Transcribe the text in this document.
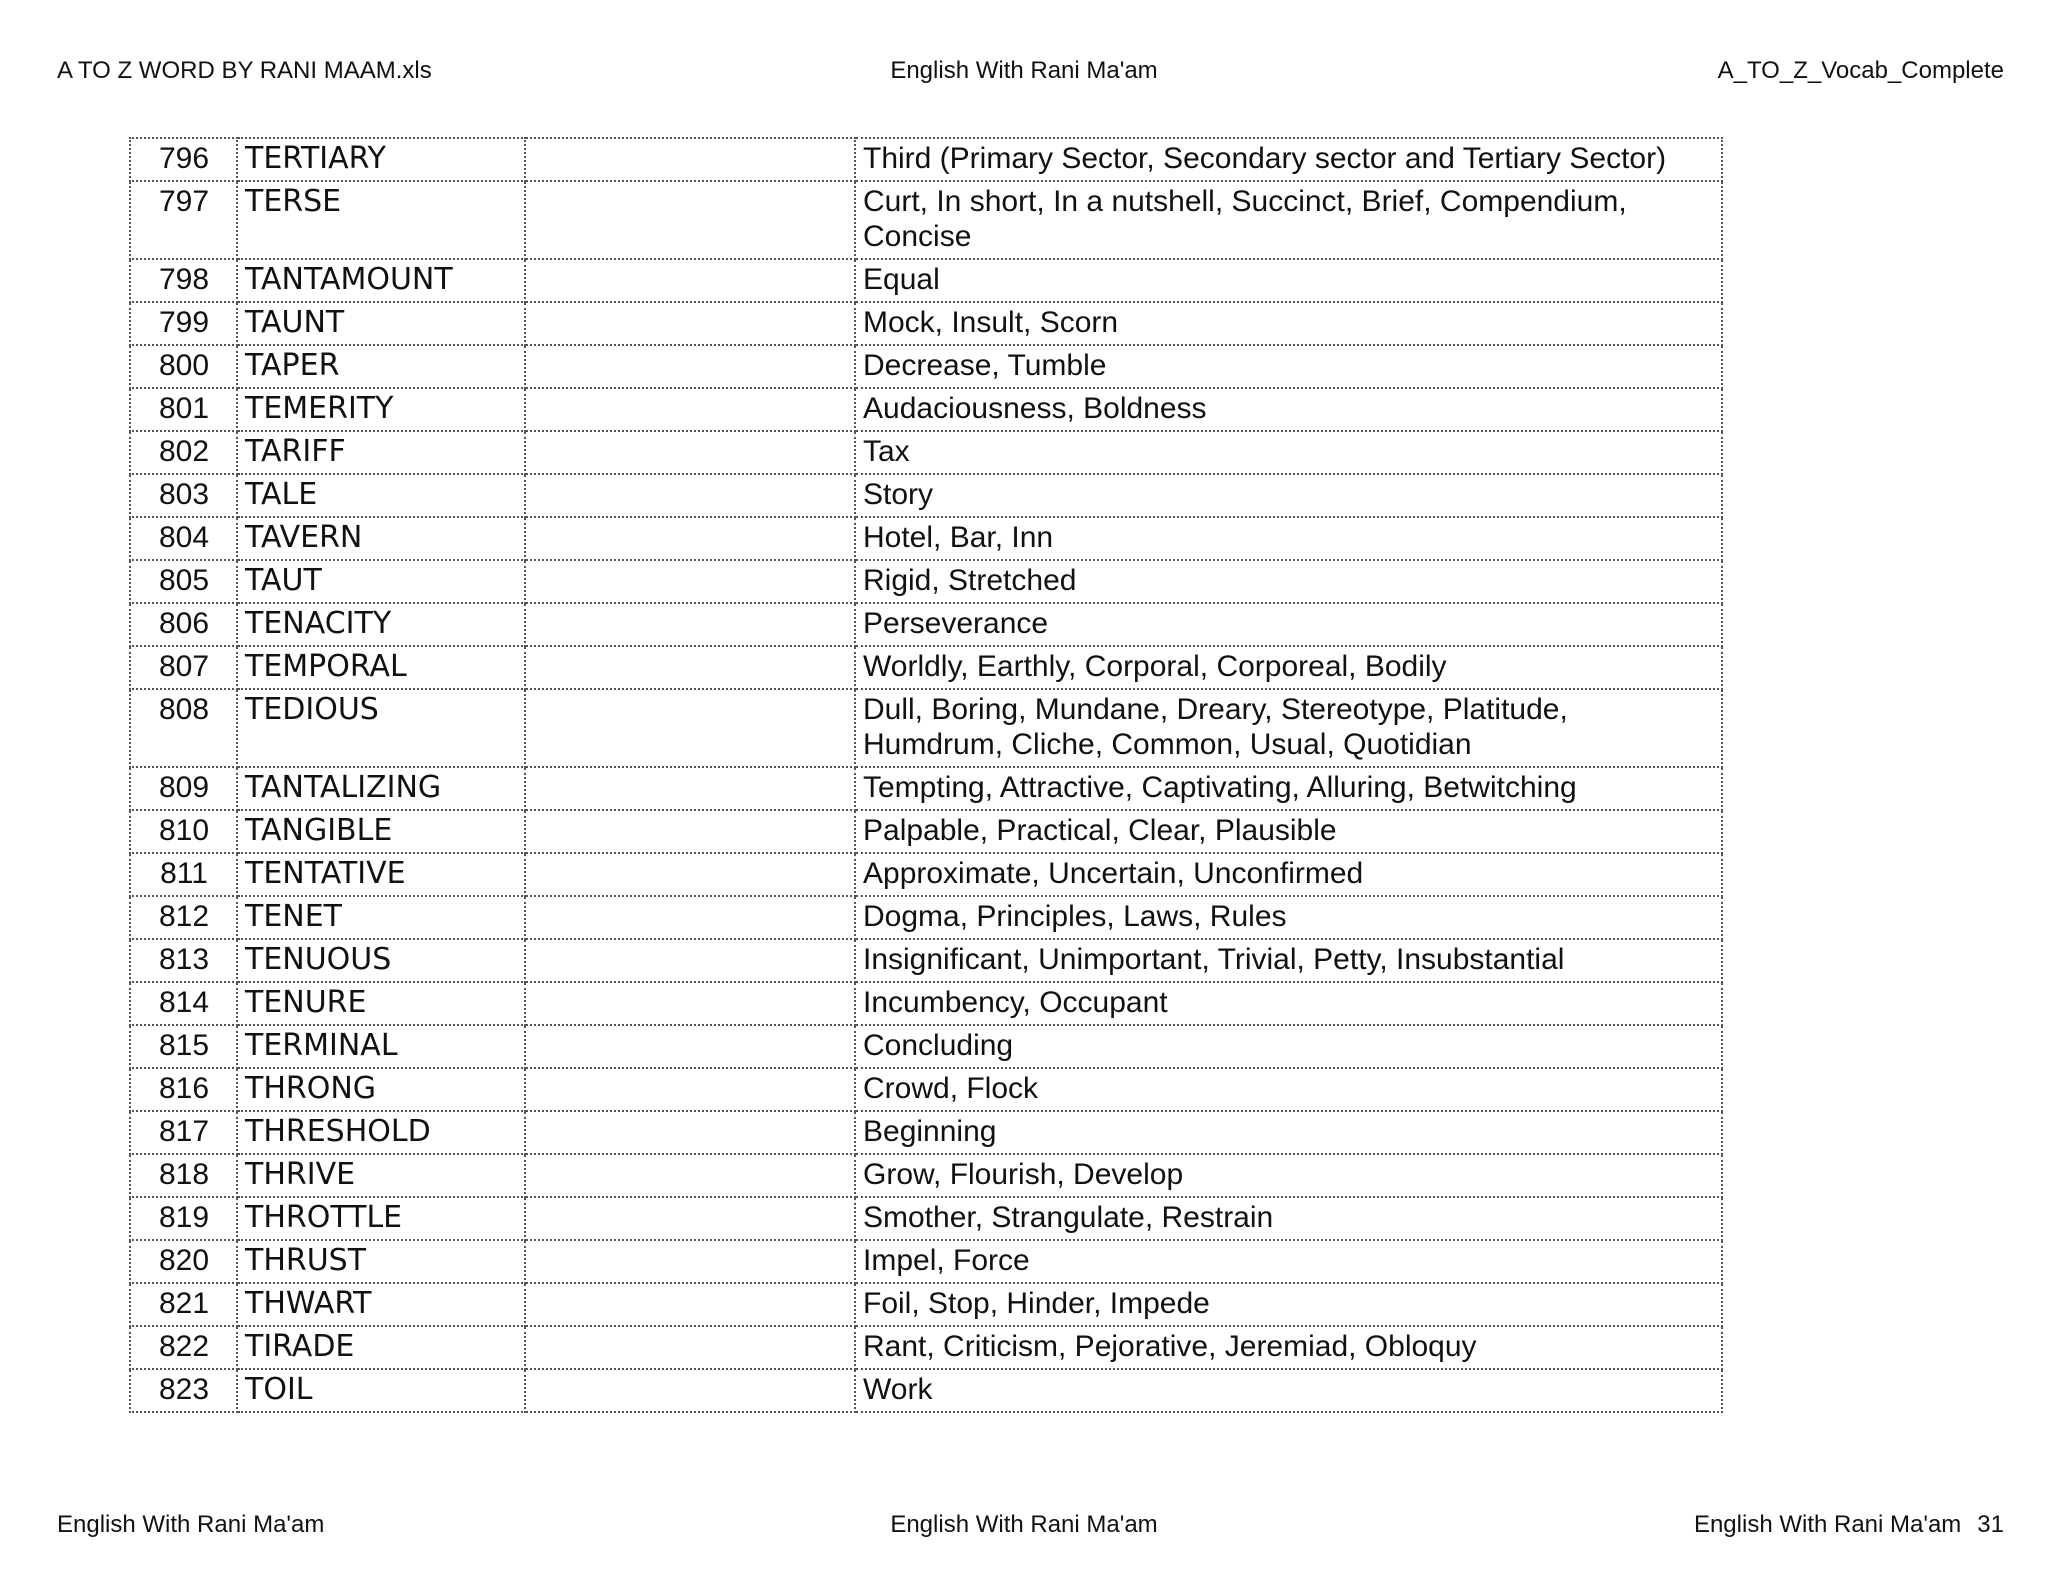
A TO Z WORD BY RANI MAAM.xls	English With Rani Ma'am	A_TO_Z_Vocab_Complete
796	TERTIARY		Third (Primary Sector, Secondary sector and Tertiary Sector)
797	TERSE		Curt, In short, In a nutshell, Succinct, Brief, Compendium, Concise
798	TANTAMOUNT		Equal
799	TAUNT		Mock, Insult, Scorn
800	TAPER		Decrease, Tumble
801	TEMERITY		Audaciousness, Boldness
802	TARIFF		Tax
803	TALE		Story
804	TAVERN		Hotel, Bar, Inn
805	TAUT		Rigid, Stretched
806	TENACITY		Perseverance
807	TEMPORAL		Worldly, Earthly, Corporal, Corporeal, Bodily
808	TEDIOUS		Dull, Boring, Mundane, Dreary, Stereotype, Platitude, Humdrum, Cliche, Common, Usual, Quotidian
809	TANTALIZING		Tempting, Attractive, Captivating, Alluring, Betwitching
810	TANGIBLE		Palpable, Practical, Clear, Plausible
811	TENTATIVE		Approximate, Uncertain, Unconfirmed
812	TENET		Dogma, Principles, Laws, Rules
813	TENUOUS		Insignificant, Unimportant, Trivial, Petty, Insubstantial
814	TENURE		Incumbency, Occupant
815	TERMINAL		Concluding
816	THRONG		Crowd, Flock
817	THRESHOLD		Beginning
818	THRIVE		Grow, Flourish, Develop
819	THROTTLE		Smother, Strangulate, Restrain
820	THRUST		Impel, Force
821	THWART		Foil, Stop, Hinder, Impede
822	TIRADE		Rant, Criticism, Pejorative, Jeremiad, Obloquy
823	TOIL		Work
English With Rani Ma'am	English With Rani Ma'am	English With Rani Ma'am 31
